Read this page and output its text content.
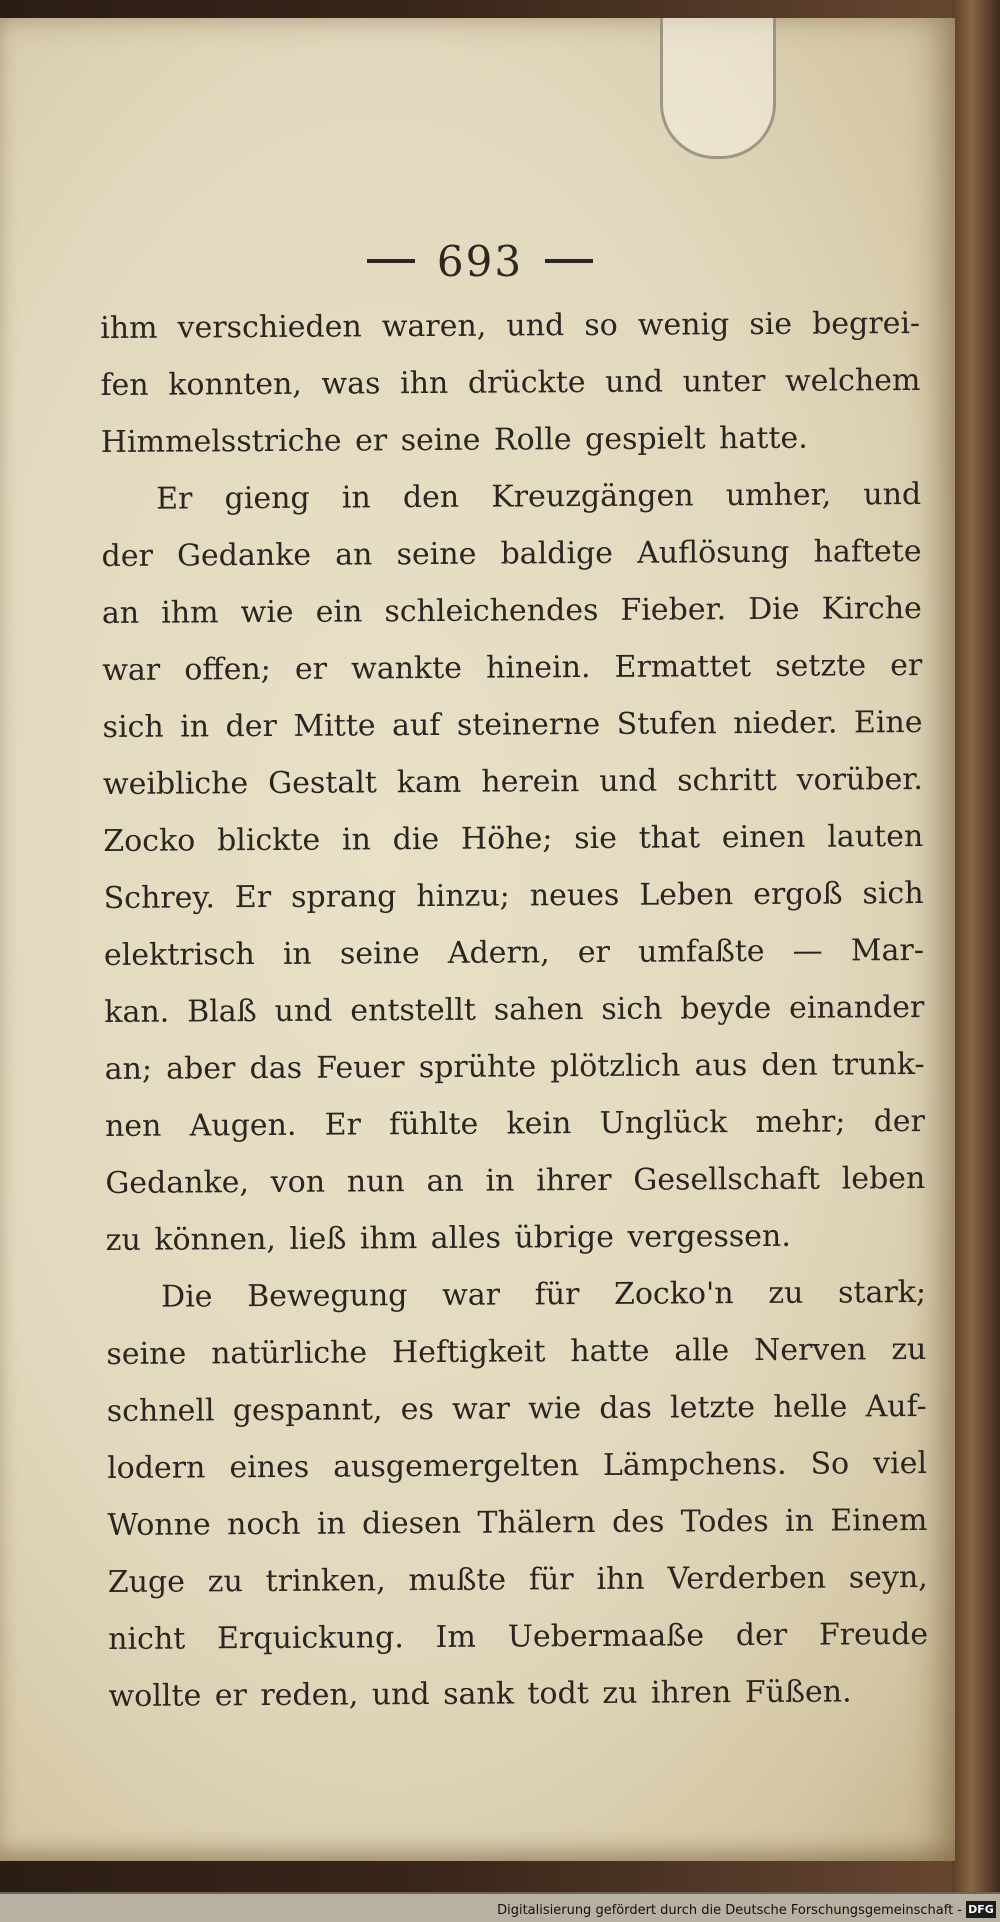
693
ihm verschieden waren, und so wenig sie begrei-
fen konnten, was ihn drückte und unter welchem
Himmelsstriche er seine Rolle gespielt hatte.
Er gieng in den Kreuzgängen umher, und
der Gedanke an seine baldige Auflösung haftete
an ihm wie ein schleichendes Fieber. Die Kirche
war offen; er wankte hinein. Ermattet setzte er
sich in der Mitte auf steinerne Stufen nieder. Eine
weibliche Gestalt kam herein und schritt vorüber.
Zocko blickte in die Höhe; sie that einen lauten
Schrey. Er sprang hinzu; neues Leben ergoß sich
elektrisch in seine Adern, er umfaßte — Mar-
kan. Blaß und entstellt sahen sich beyde einander
an; aber das Feuer sprühte plötzlich aus den trunk-
nen Augen. Er fühlte kein Unglück mehr; der
Gedanke, von nun an in ihrer Gesellschaft leben
zu können, ließ ihm alles übrige vergessen.
Die Bewegung war für Zocko'n zu stark;
seine natürliche Heftigkeit hatte alle Nerven zu
schnell gespannt, es war wie das letzte helle Auf-
lodern eines ausgemergelten Lämpchens. So viel
Wonne noch in diesen Thälern des Todes in Einem
Zuge zu trinken, mußte für ihn Verderben seyn,
nicht Erquickung. Im Uebermaaße der Freude
wollte er reden, und sank todt zu ihren Füßen.
Digitalisierung gefördert durch die Deutsche Forschungsgemeinschaft - DFG
